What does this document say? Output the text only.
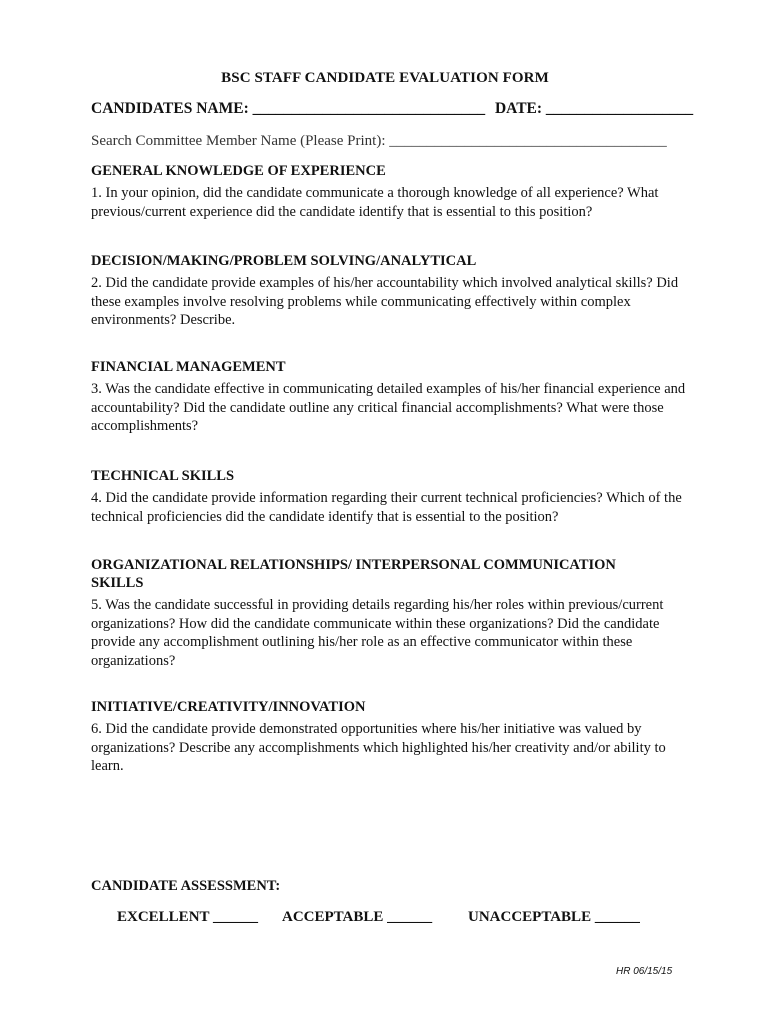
BSC STAFF CANDIDATE EVALUATION FORM
CANDIDATES NAME: ______________________________ DATE: ___________________
Search Committee Member Name (Please Print): _____________________________________

GENERAL KNOWLEDGE OF EXPERIENCE

1. In your opinion, did the candidate communicate a thorough knowledge of all experience? What previous/current experience did the candidate identify that is essential to this position?

DECISION/MAKING/PROBLEM SOLVING/ANALYTICAL

2. Did the candidate provide examples of his/her accountability which involved analytical skills? Did these examples involve resolving problems while communicating effectively within complex environments? Describe.

FINANCIAL MANAGEMENT

3. Was the candidate effective in communicating detailed examples of his/her financial experience and accountability? Did the candidate outline any critical financial accomplishments? What were those accomplishments?

TECHNICAL SKILLS

4. Did the candidate provide information regarding their current technical proficiencies? Which of the technical proficiencies did the candidate identify that is essential to the position?

ORGANIZATIONAL RELATIONSHIPS/ INTERPERSONAL COMMUNICATION SKILLS

5. Was the candidate successful in providing details regarding his/her roles within previous/current organizations? How did the candidate communicate within these organizations? Did the candidate provide any accomplishment outlining his/her role as an effective communicator within these organizations?

INITIATIVE/CREATIVITY/INNOVATION

6. Did the candidate provide demonstrated opportunities where his/her initiative was valued by organizations? Describe any accomplishments which highlighted his/her creativity and/or ability to learn.

CANDIDATE ASSESSMENT:
EXCELLENT ______ ACCEPTABLE ______ UNACCEPTABLE ______
HR 06/15/15
